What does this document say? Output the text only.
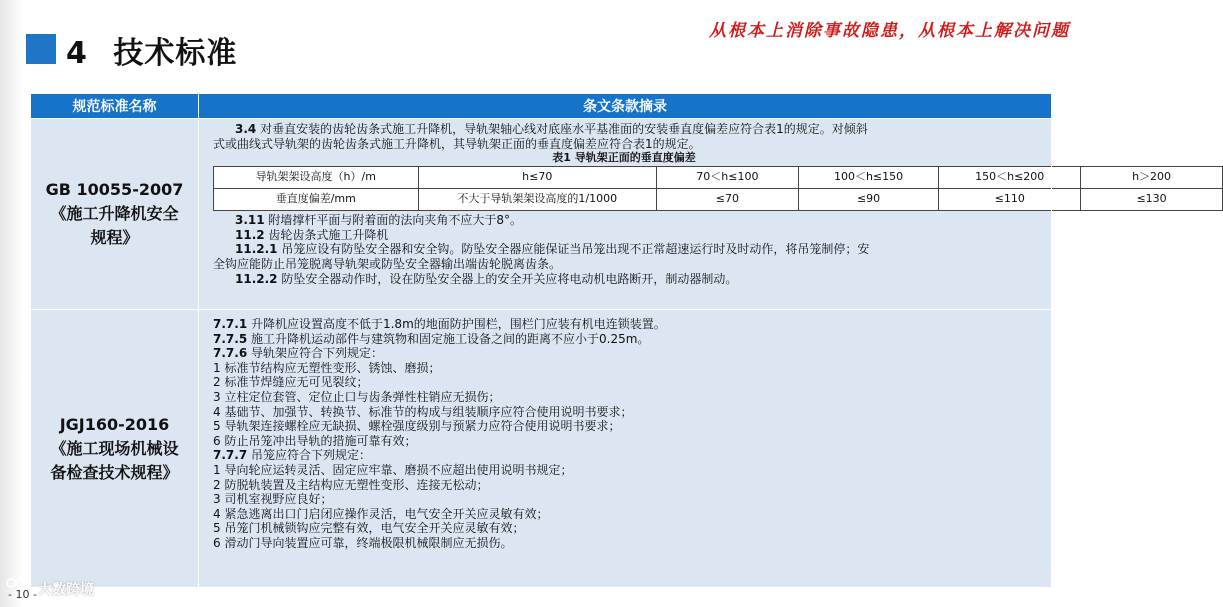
4 技术标准
从根本上消除事故隐患，从根本上解决问题
规范标准名称	条文条款摘录

GB 10055-2007
《施工升降机安全
规程》

3.4 对垂直安装的齿轮齿条式施工升降机，导轨架轴心线对底座水平基准面的安装垂直度偏差应符合表1的规定。对倾斜

式或曲线式导轨架的齿轮齿条式施工升降机，其导轨架正面的垂直度偏差应符合表1的规定。

表1 导轨架正面的垂直度偏差

导轨架架设高度（h）/m	h≤70	70＜h≤100	100＜h≤150	150＜h≤200	h＞200
垂直度偏差/mm	不大于导轨架架设高度的1/1000	≤70	≤90	≤110	≤130

3.11 附墙撑杆平面与附着面的法向夹角不应大于8°。

11.2 齿轮齿条式施工升降机

11.2.1 吊笼应设有防坠安全器和安全钩。防坠安全器应能保证当吊笼出现不正常超速运行时及时动作，将吊笼制停；安

全钩应能防止吊笼脱离导轨架或防坠安全器输出端齿轮脱离齿条。

11.2.2 防坠安全器动作时，设在防坠安全器上的安全开关应将电动机电路断开，制动器制动。

JGJ160-2016
《施工现场机械设
备检查技术规程》

7.7.1 升降机应设置高度不低于1.8m的地面防护围栏，围栏门应装有机电连锁装置。

7.7.5 施工升降机运动部件与建筑物和固定施工设备之间的距离不应小于0.25m。

7.7.6 导轨架应符合下列规定：

1 标准节结构应无塑性变形、锈蚀、磨损；

2 标准节焊缝应无可见裂纹；

3 立柱定位套管、定位止口与齿条弹性柱销应无损伤；

4 基础节、加强节、转换节、标准节的构成与组装顺序应符合使用说明书要求；

5 导轨架连接螺栓应无缺损、螺栓强度级别与预紧力应符合使用说明书要求；

6 防止吊笼冲出导轨的措施可靠有效；

7.7.7 吊笼应符合下列规定：

1 导向轮应运转灵活、固定应牢靠、磨损不应超出使用说明书规定；

2 防脱轨装置及主结构应无塑性变形、连接无松动；

3 司机室视野应良好；

4 紧急逃离出口门启闭应操作灵活，电气安全开关应灵敏有效；

5 吊笼门机械锁钩应完整有效，电气安全开关应灵敏有效；

6 滑动门导向装置应可靠，终端极限机械限制应无损伤。

- 10 - 大数跨境
